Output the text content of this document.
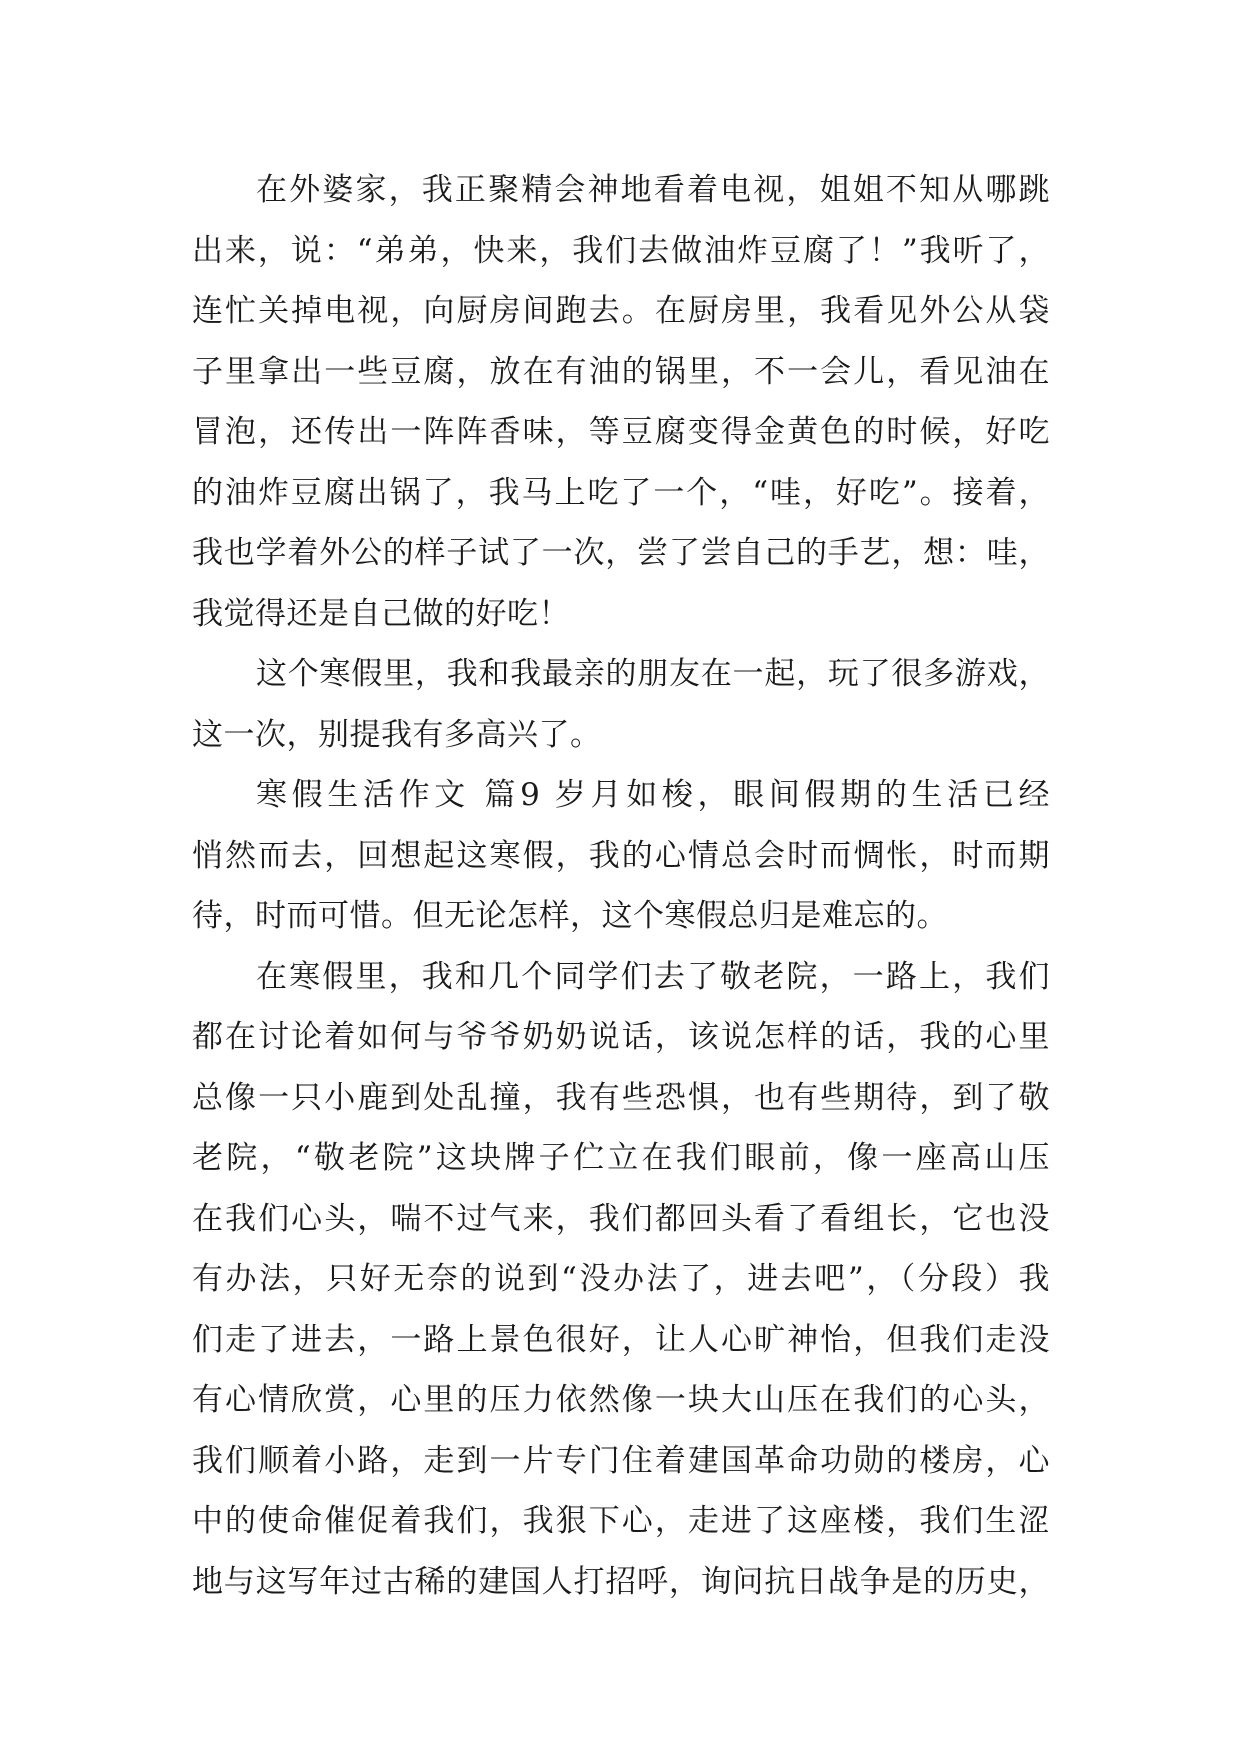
在外婆家，我正聚精会神地看着电视，姐姐不知从哪跳
出来，说：“弟弟，快来，我们去做油炸豆腐了！”我听了，
连忙关掉电视，向厨房间跑去。在厨房里，我看见外公从袋
子里拿出一些豆腐，放在有油的锅里，不一会儿，看见油在
冒泡，还传出一阵阵香味，等豆腐变得金黄色的时候，好吃
的油炸豆腐出锅了，我马上吃了一个，“哇，好吃”。接着，
我也学着外公的样子试了一次，尝了尝自己的手艺，想：哇，
我觉得还是自己做的好吃！
这个寒假里，我和我最亲的朋友在一起，玩了很多游戏，
这一次，别提我有多高兴了。
寒假生活作文 篇9 岁月如梭，眼间假期的生活已经
悄然而去，回想起这寒假，我的心情总会时而惆怅，时而期
待，时而可惜。但无论怎样，这个寒假总归是难忘的。
在寒假里，我和几个同学们去了敬老院，一路上，我们
都在讨论着如何与爷爷奶奶说话，该说怎样的话，我的心里
总像一只小鹿到处乱撞，我有些恐惧，也有些期待，到了敬
老院，“敬老院”这块牌子伫立在我们眼前，像一座高山压
在我们心头，喘不过气来，我们都回头看了看组长，它也没
有办法，只好无奈的说到“没办法了，进去吧”，（分段）我
们走了进去，一路上景色很好，让人心旷神怡，但我们走没
有心情欣赏，心里的压力依然像一块大山压在我们的心头，
我们顺着小路，走到一片专门住着建国革命功勋的楼房，心
中的使命催促着我们，我狠下心，走进了这座楼，我们生涩
地与这写年过古稀的建国人打招呼，询问抗日战争是的历史，
